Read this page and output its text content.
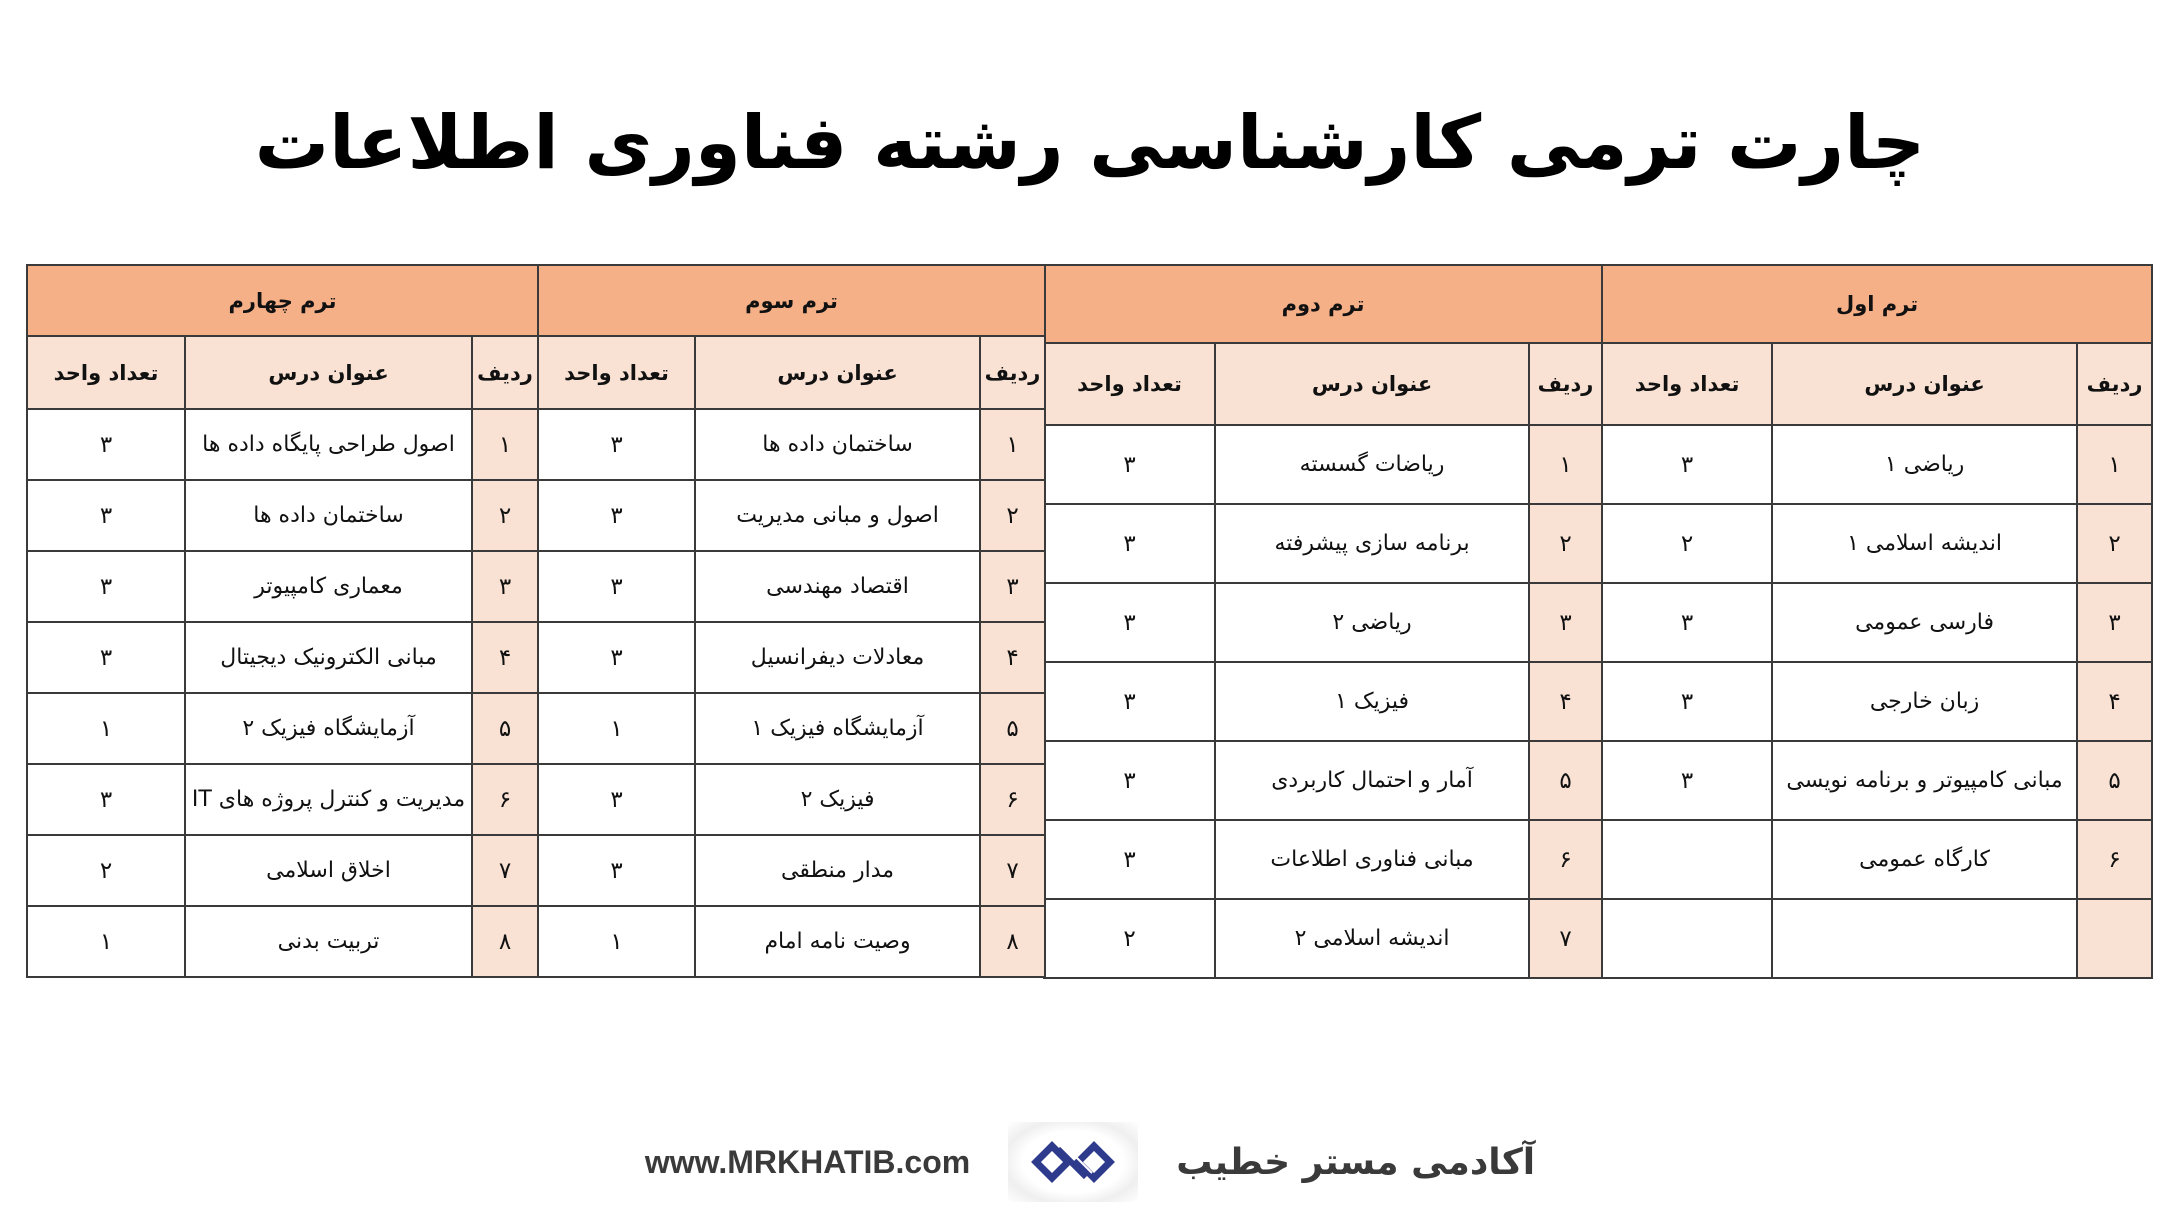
چارت ترمی کارشناسی رشته فناوری اطلاعات
ترم اول			ترم دوم		
ردیف	عنوان درس	تعداد واحد	ردیف	عنوان درس	تعداد واحد
۱	ریاضی ۱	۳	۱	ریاضات گسسته	۳
۲	اندیشه اسلامی ۱	۲	۲	برنامه سازی پیشرفته	۳
۳	فارسی عمومی	۳	۳	ریاضی ۲	۳
۴	زبان خارجی	۳	۴	فیزیک ۱	۳
۵	مبانی کامپیوتر و برنامه نویسی	۳	۵	آمار و احتمال کاربردی	۳
۶	کارگاه عمومی		۶	مبانی فناوری اطلاعات	۳
			۷	اندیشه اسلامی ۲	۲
ترم سوم			ترم چهارم		
ردیف	عنوان درس	تعداد واحد	ردیف	عنوان درس	تعداد واحد
۱	ساختمان داده ها	۳	۱	اصول طراحی پایگاه داده ها	۳
۲	اصول و مبانی مدیریت	۳	۲	ساختمان داده ها	۳
۳	اقتصاد مهندسی	۳	۳	معماری کامپیوتر	۳
۴	معادلات دیفرانسیل	۳	۴	مبانی الکترونیک دیجیتال	۳
۵	آزمایشگاه فیزیک ۱	۱	۵	آزمایشگاه فیزیک ۲	۱
۶	فیزیک ۲	۳	۶	مدیریت و کنترل پروژه های IT	۳
۷	مدار منطقی	۳	۷	اخلاق اسلامی	۲
۸	وصیت نامه امام	۱	۸	تربیت بدنی	۱
www.MRKHATIB.com	آکادمی مستر خطیب
